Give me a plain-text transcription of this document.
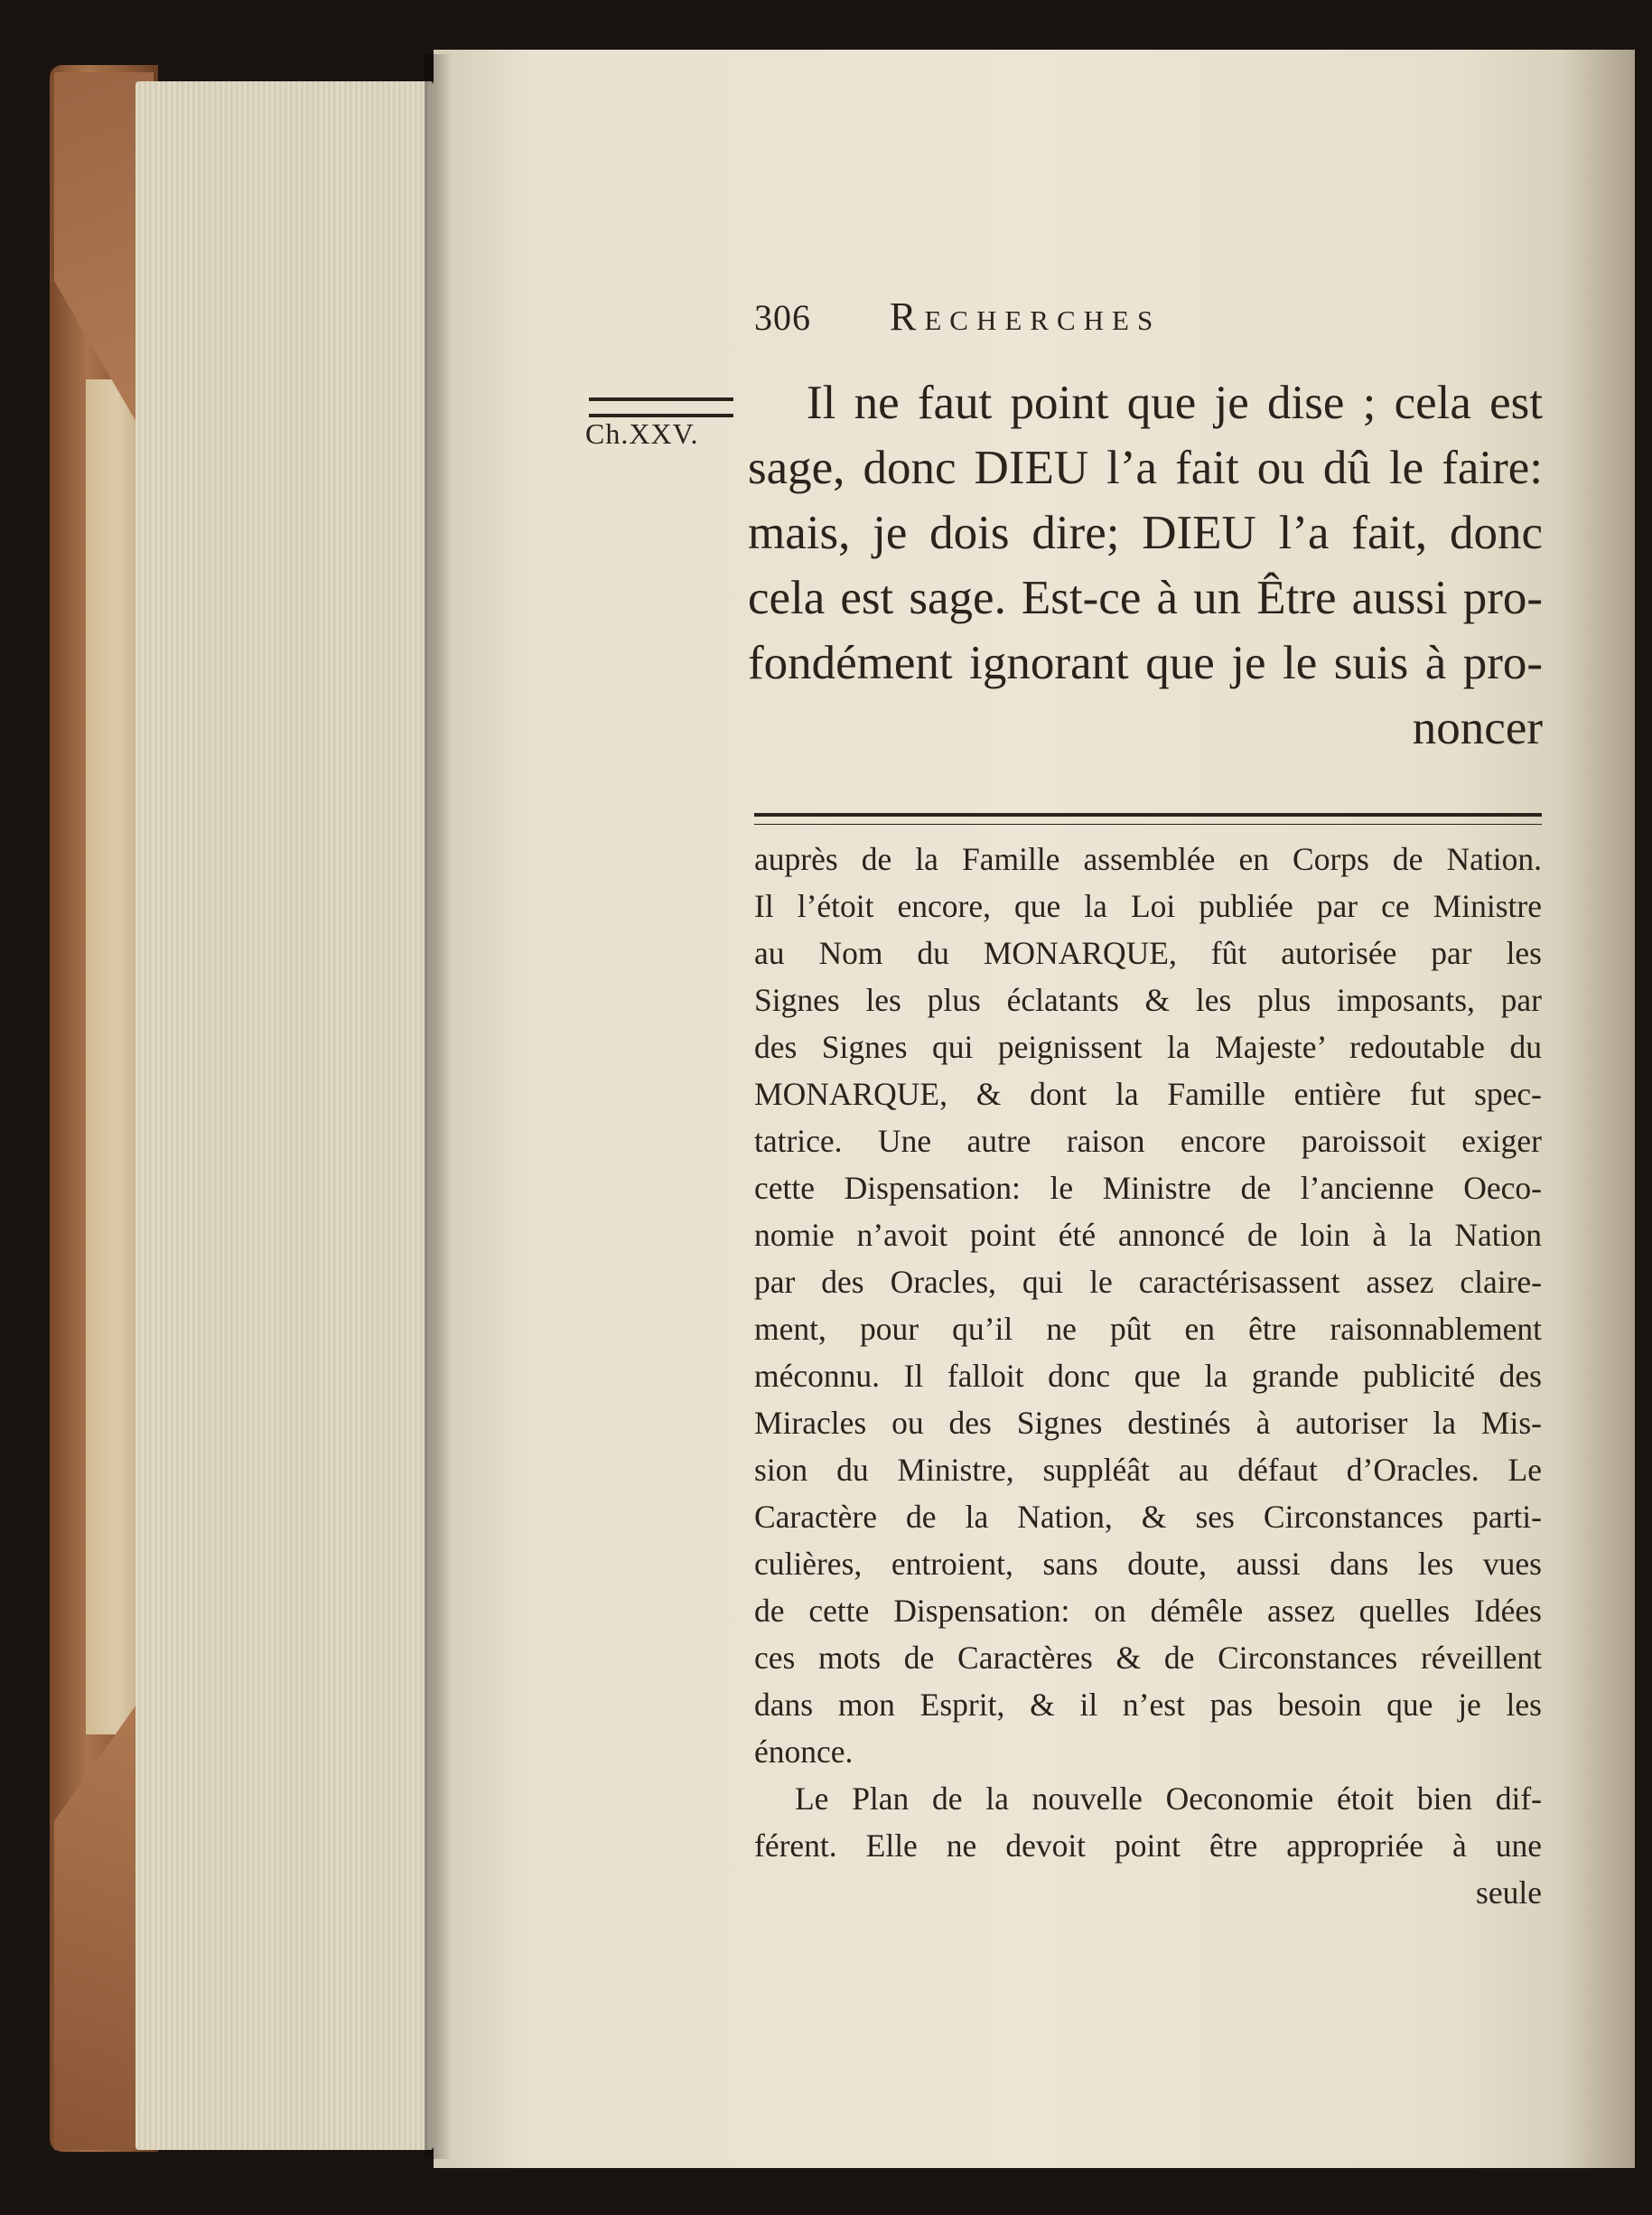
306	Recherches
Ch.XXV.
Il ne faut point que je dise ; cela est
sage, donc DIEU l’a fait ou dû le faire:
mais, je dois dire; DIEU l’a fait, donc
cela est sage. Est-ce à un Être aussi pro-
fondément ignorant que je le suis à pro-
noncer
auprès de la Famille assemblée en Corps de Nation.
Il l’étoit encore, que la Loi publiée par ce Ministre
au Nom du MONARQUE, fût autorisée par les
Signes les plus éclatants & les plus imposants, par
des Signes qui peignissent la Majeste’ redoutable du
MONARQUE, & dont la Famille entière fut spec-
tatrice. Une autre raison encore paroissoit exiger
cette Dispensation: le Ministre de l’ancienne Oeco-
nomie n’avoit point été annoncé de loin à la Nation
par des Oracles, qui le caractérisassent assez claire-
ment, pour qu’il ne pût en être raisonnablement
méconnu. Il falloit donc que la grande publicité des
Miracles ou des Signes destinés à autoriser la Mis-
sion du Ministre, suppléât au défaut d’Oracles. Le
Caractère de la Nation, & ses Circonstances parti-
culières, entroient, sans doute, aussi dans les vues
de cette Dispensation: on démêle assez quelles Idées
ces mots de Caractères & de Circonstances réveillent
dans mon Esprit, & il n’est pas besoin que je les
énonce.
Le Plan de la nouvelle Oeconomie étoit bien dif-
férent. Elle ne devoit point être appropriée à une
seule
